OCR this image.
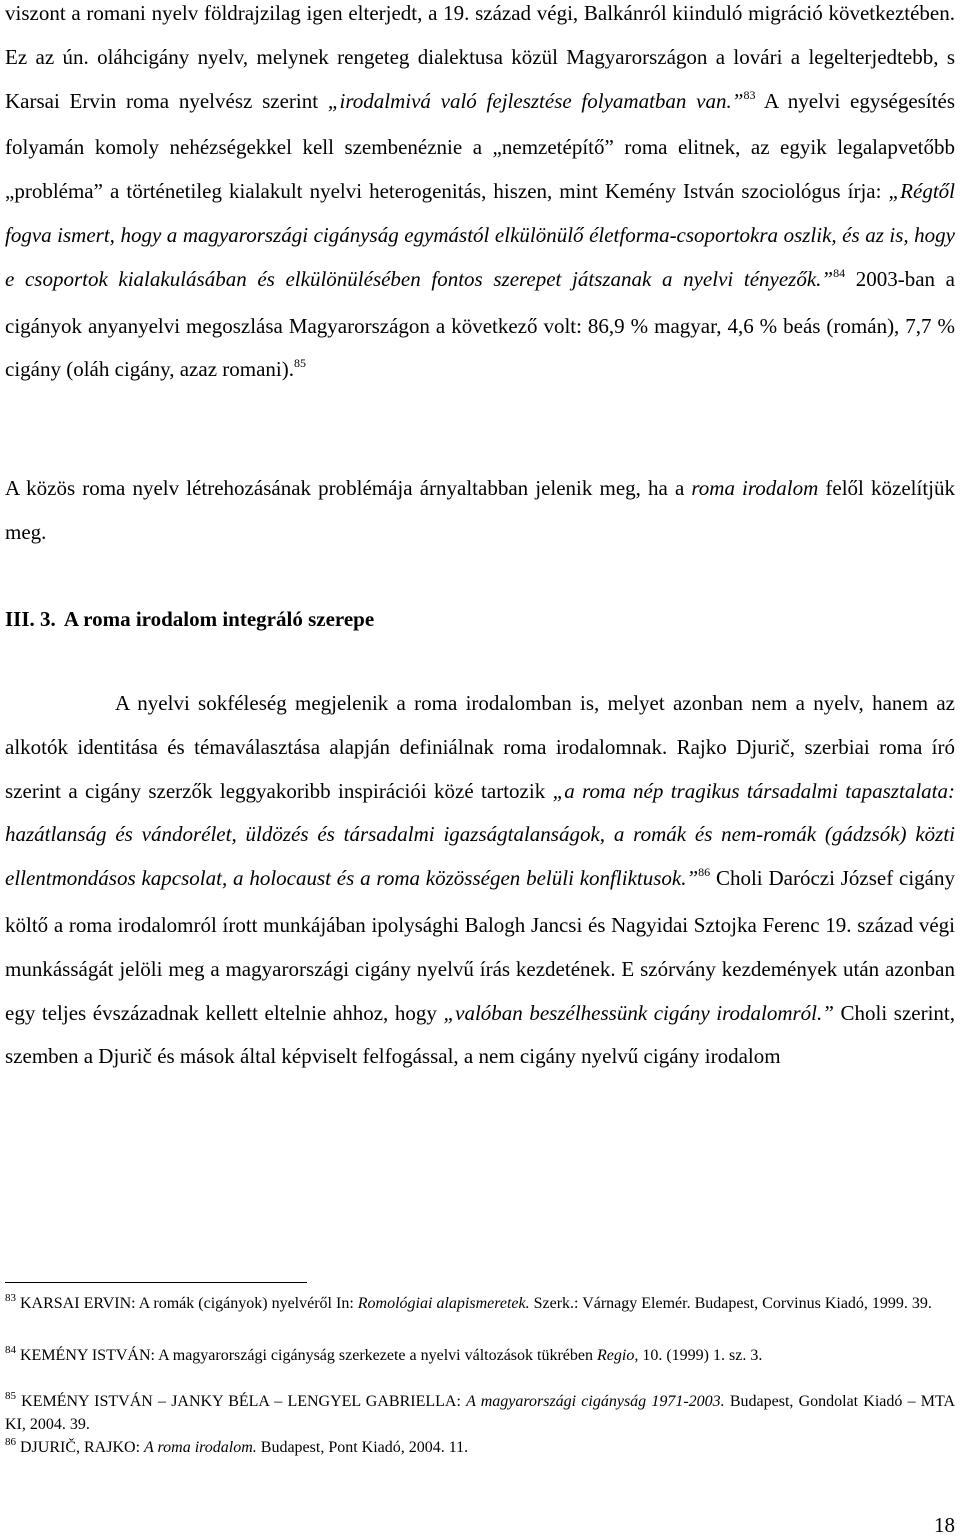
viszont a romani nyelv földrajzilag igen elterjedt, a 19. század végi, Balkánról kiinduló migráció következtében. Ez az ún. oláhcigány nyelv, melynek rengeteg dialektusa közül Magyarországon a lovári a legelterjedtebb, s Karsai Ervin roma nyelvész szerint „irodalmivá való fejlesztése folyamatban van.”$^{83}$ A nyelvi egységesítés folyamán komoly nehézségekkel kell szembenéznie a „nemzetépítő” roma elitnek, az egyik legalapvetőbb „probléma” a történetileg kialakult nyelvi heterogenitás, hiszen, mint Kemény István szociológus írja: „Régtől fogva ismert, hogy a magyarországi cigányság egymástól elkülönülő életforma-csoportokra oszlik, és az is, hogy e csoportok kialakulásában és elkülönülésében fontos szerepet játszanak a nyelvi tényezők.”$^{84}$ 2003-ban a cigányok anyanyelvi megoszlása Magyarországon a következő volt: 86,9 % magyar, 4,6 % beás (román), 7,7 % cigány (oláh cigány, azaz romani).$^{85}$

A közös roma nyelv létrehozásának problémája árnyaltabban jelenik meg, ha a roma irodalom felől közelítjük meg.

III. 3. A roma irodalom integráló szerepe

A nyelvi sokféleség megjelenik a roma irodalomban is, melyet azonban nem a nyelv, hanem az alkotók identitása és témaválasztása alapján definiálnak roma irodalomnak. Rajko Djurič, szerbiai roma író szerint a cigány szerzők leggyakoribb inspirációi közé tartozik „a roma nép tragikus társadalmi tapasztalata: hazátlanság és vándorélet, üldözés és társadalmi igazságtalanságok, a romák és nem-romák (gádzsók) közti ellentmondásos kapcsolat, a holocaust és a roma közösségen belüli konfliktusok.”$^{86}$ Choli Daróczi József cigány költő a roma irodalomról írott munkájában ipolysághi Balogh Jancsi és Nagyidai Sztojka Ferenc 19. század végi munkásságát jelöli meg a magyarországi cigány nyelvű írás kezdetének. E szórvány kezdemények után azonban egy teljes évszázadnak kellett eltelnie ahhoz, hogy „valóban beszélhessünk cigány irodalomról.” Choli szerint, szemben a Djurič és mások által képviselt felfogással, a nem cigány nyelvű cigány irodalom

$^{83}$ KARSAI ERVIN: A romák (cigányok) nyelvéről In: Romológiai alapismeretek. Szerk.: Várnagy Elemér. Budapest, Corvinus Kiadó, 1999. 39.

$^{84}$ KEMÉNY ISTVÁN: A magyarországi cigányság szerkezete a nyelvi változások tükrében Regio, 10. (1999) 1. sz. 3.

$^{85}$ KEMÉNY ISTVÁN – JANKY BÉLA – LENGYEL GABRIELLA: A magyarországi cigányság 1971-2003. Budapest, Gondolat Kiadó – MTA KI, 2004. 39.

$^{86}$ DJURIČ, RAJKO: A roma irodalom. Budapest, Pont Kiadó, 2004. 11.

18
